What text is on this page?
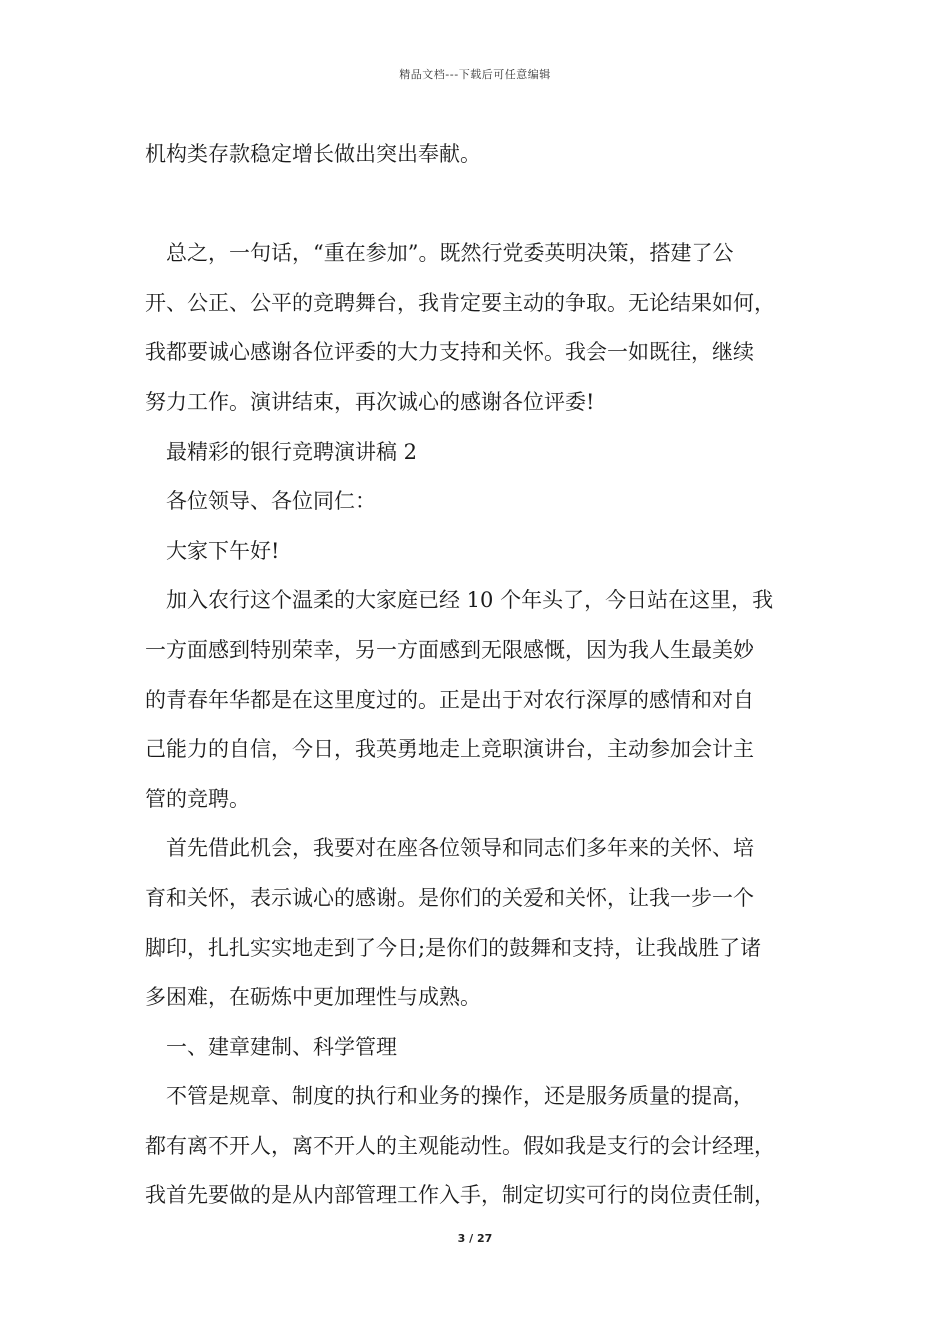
精品文档---下载后可任意编辑
机构类存款稳定增长做出突出奉献。
总之，一句话，“重在参加”。既然行党委英明决策，搭建了公
开、公正、公平的竞聘舞台，我肯定要主动的争取。无论结果如何，
我都要诚心感谢各位评委的大力支持和关怀。我会一如既往，继续
努力工作。演讲结束，再次诚心的感谢各位评委!
最精彩的银行竞聘演讲稿 2
各位领导、各位同仁：
大家下午好!
加入农行这个温柔的大家庭已经 10 个年头了，今日站在这里，我
一方面感到特别荣幸，另一方面感到无限感慨，因为我人生最美妙
的青春年华都是在这里度过的。正是出于对农行深厚的感情和对自
己能力的自信，今日，我英勇地走上竞职演讲台，主动参加会计主
管的竞聘。
首先借此机会，我要对在座各位领导和同志们多年来的关怀、培
育和关怀，表示诚心的感谢。是你们的关爱和关怀，让我一步一个
脚印，扎扎实实地走到了今日;是你们的鼓舞和支持，让我战胜了诸
多困难，在砺炼中更加理性与成熟。
一、建章建制、科学管理
不管是规章、制度的执行和业务的操作，还是服务质量的提高，
都有离不开人，离不开人的主观能动性。假如我是支行的会计经理，
我首先要做的是从内部管理工作入手，制定切实可行的岗位责任制，
3 / 27
